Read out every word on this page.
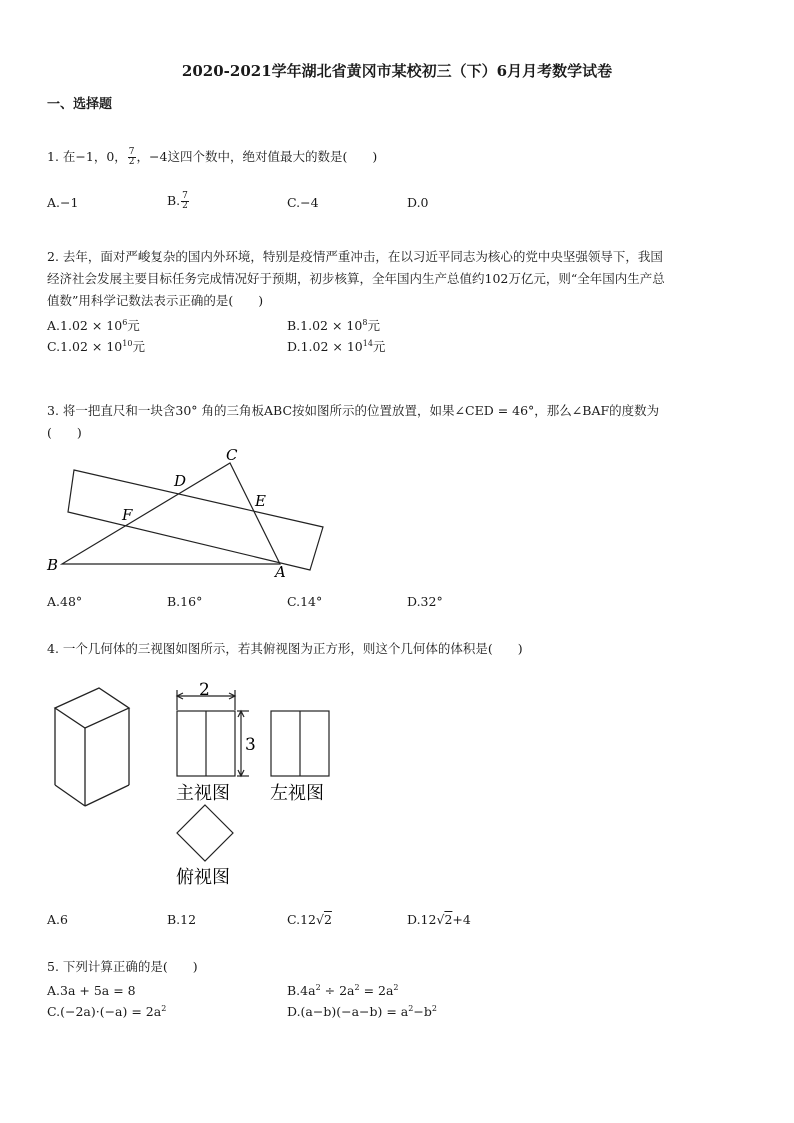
2020-2021学年湖北省黄冈市某校初三（下）6月月考数学试卷
一、选择题
1. 在−1，0， $\frac{7}{2}$ ，−4这四个数中，绝对值最大的数是(　　)
A.−1	B. $\frac{7}{2}$	C.−4	D.0
2. 去年，面对严峻复杂的国内外环境，特别是疫情严重冲击，在以习近平同志为核心的党中央坚强领导下，我国
经济社会发展主要目标任务完成情况好于预期，初步核算，全年国内生产总值约102万亿元，则“全年国内生产总
值数”用科学记数法表示正确的是(　　)
$A.1.02 \times 10^6$元	$B.1.02 \times 10^8$元
$C.1.02 \times 10^{10}$元	$D.1.02 \times 10^{14}$元
3. 将一把直尺和一块含30° 角的三角板ABC按如图所示的位置放置，如果∠CED = 46°，那么∠BAF的度数为
(　　)
C
D
E
F
B	A
A.48°	B.16°	C.14°	D.32°
4. 一个几何体的三视图如图所示，若其俯视图为正方形，则这个几何体的体积是(　　)
2
3
主视图 左视图
俯视图
A.6	B.12	C.12√2	D.12√2+4
5. 下列计算正确的是(　　)
A.3a + 5a = 8	$B.4a^2 \div 2a^2 = 2a^2$
$C.(-2a)\cdot(-a) = 2a^2$	$D.(a-b)(-a-b) = a^2-b^2$
